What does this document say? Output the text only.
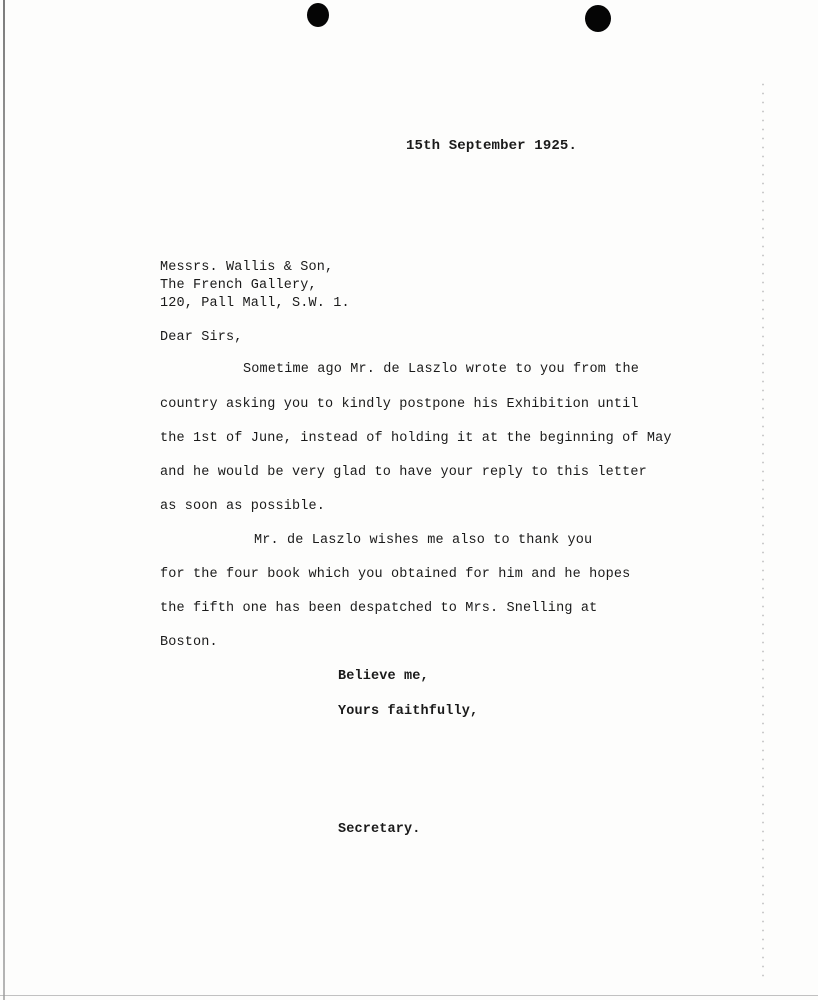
15th September 1925.
Messrs. Wallis & Son,
The French Gallery,
120, Pall Mall, S.W. 1.
Dear Sirs,
Sometime ago Mr. de Laszlo wrote to you from the
country asking you to kindly postpone his Exhibition until
the 1st of June, instead of holding it at the beginning of May
and he would be very glad to have your reply to this letter
as soon as possible.
Mr. de Laszlo wishes me also to thank you
for the four book which you obtained for him and he hopes
the fifth one has been despatched to Mrs. Snelling at
Boston.
Believe me,
Yours faithfully,
Secretary.
